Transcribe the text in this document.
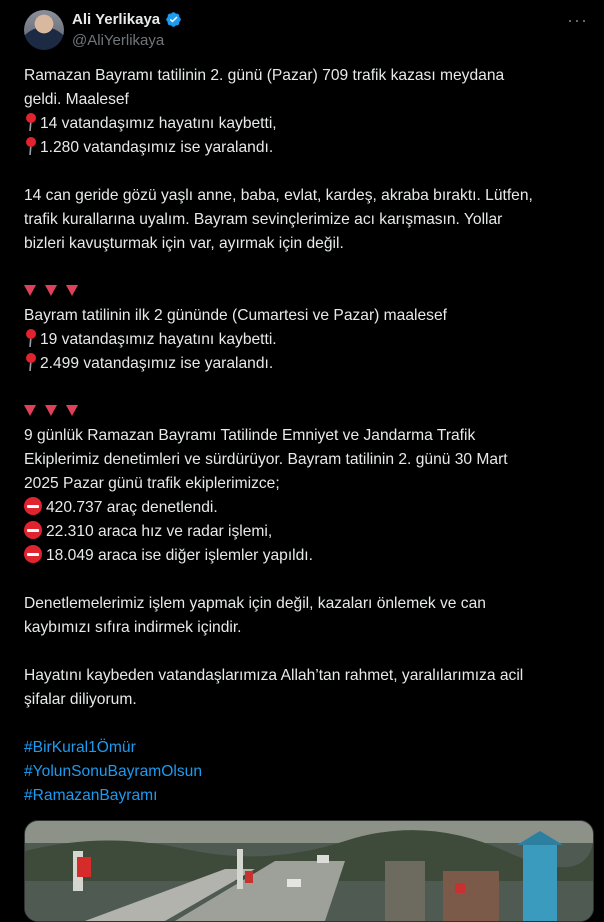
Ali Yerlikaya
@AliYerlikaya
···
Ramazan Bayramı tatilinin 2. günü (Pazar) 709 trafik kazası meydana
geldi. Maalesef
14 vatandaşımız hayatını kaybetti,
1.280 vatandaşımız ise yaralandı.
14 can geride gözü yaşlı anne, baba, evlat, kardeş, akraba bıraktı. Lütfen,
trafik kurallarına uyalım. Bayram sevinçlerimize acı karışmasın. Yollar
bizleri kavuşturmak için var, ayırmak için değil.
Bayram tatilinin ilk 2 gününde (Cumartesi ve Pazar) maalesef
19 vatandaşımız hayatını kaybetti.
2.499 vatandaşımız ise yaralandı.
9 günlük Ramazan Bayramı Tatilinde Emniyet ve Jandarma Trafik
Ekiplerimiz denetimleri ve sürdürüyor. Bayram tatilinin 2. günü 30 Mart
2025 Pazar günü trafik ekiplerimizce;
420.737 araç denetlendi.
22.310 araca hız ve radar işlemi,
18.049 araca ise diğer işlemler yapıldı.
Denetlemelerimiz işlem yapmak için değil, kazaları önlemek ve can
kaybımızı sıfıra indirmek içindir.
Hayatını kaybeden vatandaşlarımıza Allah’tan rahmet, yaralılarımıza acil
şifalar diliyorum.
#BirKural1Ömür
#YolunSonuBayramOlsun
#RamazanBayramı
